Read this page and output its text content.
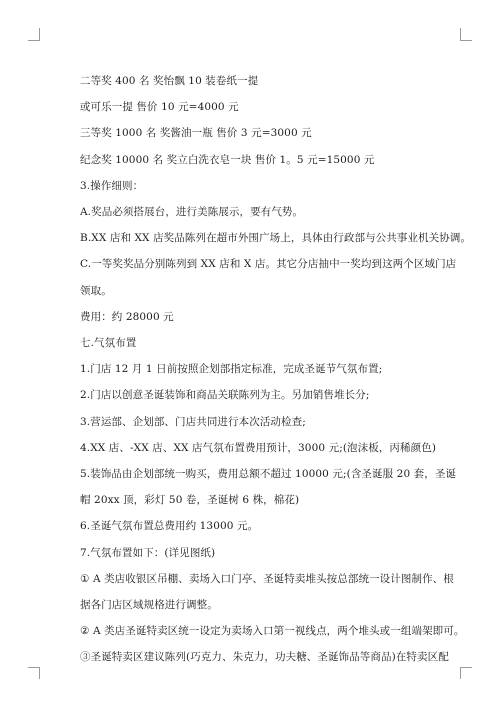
二等奖 400 名 奖怡飘 10 装卷纸一提

或可乐一提 售价 10 元=4000 元

三等奖 1000 名 奖酱油一瓶 售价 3 元=3000 元

纪念奖 10000 名 奖立白洗衣皂一块 售价 1。5 元=15000 元

3.操作细则：

A.奖品必须搭展台，进行美陈展示，要有气势。

B.XX 店和 XX 店奖品陈列在超市外围广场上，具体由行政部与公共事业机关协调。

C.一等奖奖品分别陈列到 XX 店和 X 店。其它分店抽中一奖均到这两个区域门店

领取。

费用：约 28000 元

七.气氛布置

1.门店 12 月 1 日前按照企划部指定标准，完成圣诞节气氛布置;

2.门店以创意圣诞装饰和商品关联陈列为主。另加销售堆长分;

3.营运部、企划部、门店共同进行本次活动检查;

4.XX 店、-XX 店、XX 店气氛布置费用预计，3000 元;(泡沫板，丙稀颜色)

5.装饰品由企划部统一购买，费用总额不超过 10000 元;(含圣诞服 20 套，圣诞

帽 20xx 顶，彩灯 50 卷，圣诞树 6 株，棉花)

6.圣诞气氛布置总费用约 13000 元。

7.气氛布置如下：(详见图纸)

① A 类店收银区吊棚、卖场入口门亭、圣诞特卖堆头按总部统一设计图制作、根

据各门店区域规格进行调整。

② A 类店圣诞特卖区统一设定为卖场入口第一视线点，两个堆头或一组端架即可。

③圣诞特卖区建议陈列(巧克力、朱克力，功夫糖、圣诞饰品等商品)在特卖区配
